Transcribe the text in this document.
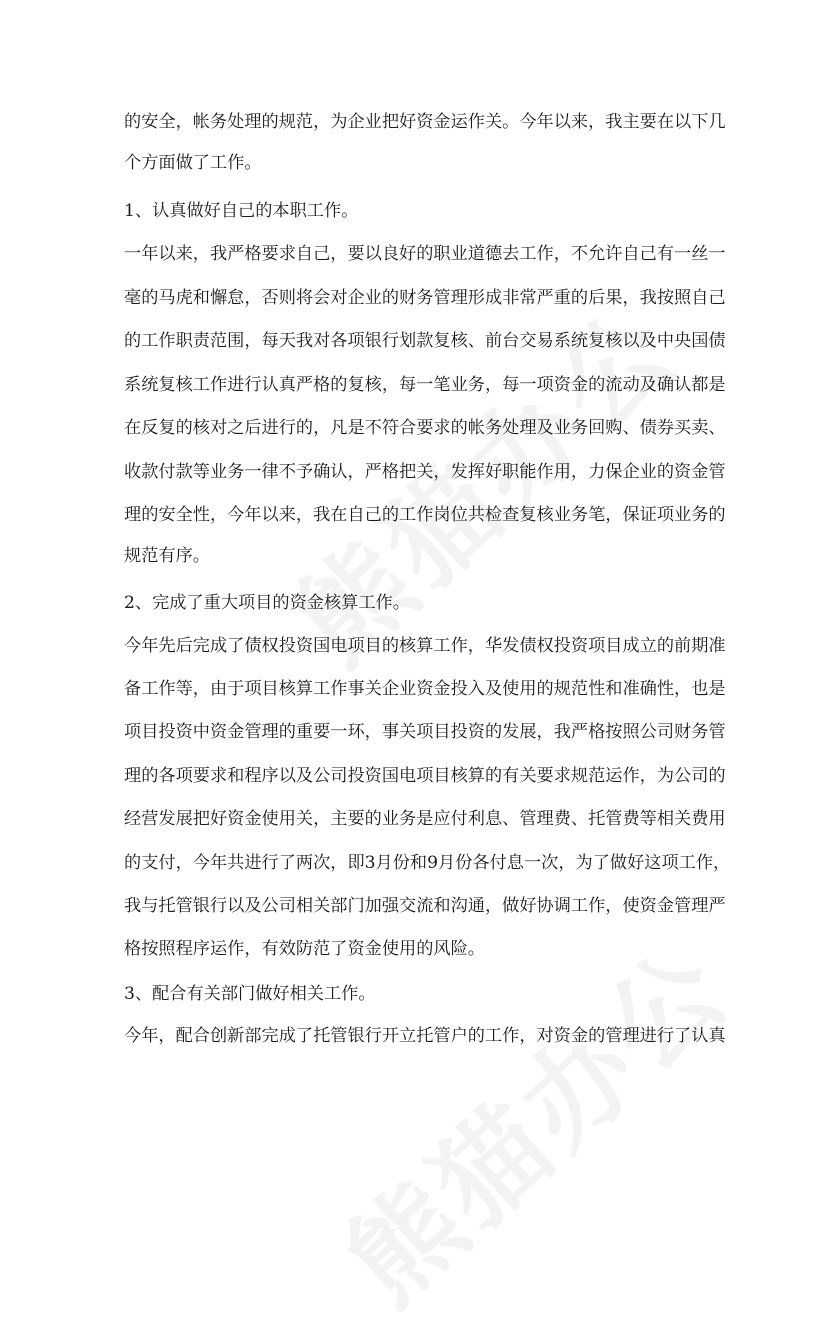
的安全，帐务处理的规范，为企业把好资金运作关。今年以来，我主要在以下几
个方面做了工作。
1、认真做好自己的本职工作。
一年以来，我严格要求自己，要以良好的职业道德去工作，不允许自己有一丝一
毫的马虎和懈怠，否则将会对企业的财务管理形成非常严重的后果，我按照自己
的工作职责范围，每天我对各项银行划款复核、前台交易系统复核以及中央国债
系统复核工作进行认真严格的复核，每一笔业务，每一项资金的流动及确认都是
在反复的核对之后进行的，凡是不符合要求的帐务处理及业务回购、债券买卖、
收款付款等业务一律不予确认，严格把关，发挥好职能作用，力保企业的资金管
理的安全性，今年以来，我在自己的工作岗位共检查复核业务笔，保证项业务的
规范有序。
2、完成了重大项目的资金核算工作。
今年先后完成了债权投资国电项目的核算工作，华发债权投资项目成立的前期准
备工作等，由于项目核算工作事关企业资金投入及使用的规范性和准确性，也是
项目投资中资金管理的重要一环，事关项目投资的发展，我严格按照公司财务管
理的各项要求和程序以及公司投资国电项目核算的有关要求规范运作，为公司的
经营发展把好资金使用关，主要的业务是应付利息、管理费、托管费等相关费用
的支付，今年共进行了两次，即3月份和9月份各付息一次，为了做好这项工作，
我与托管银行以及公司相关部门加强交流和沟通，做好协调工作，使资金管理严
格按照程序运作，有效防范了资金使用的风险。
3、配合有关部门做好相关工作。
今年，配合创新部完成了托管银行开立托管户的工作，对资金的管理进行了认真
